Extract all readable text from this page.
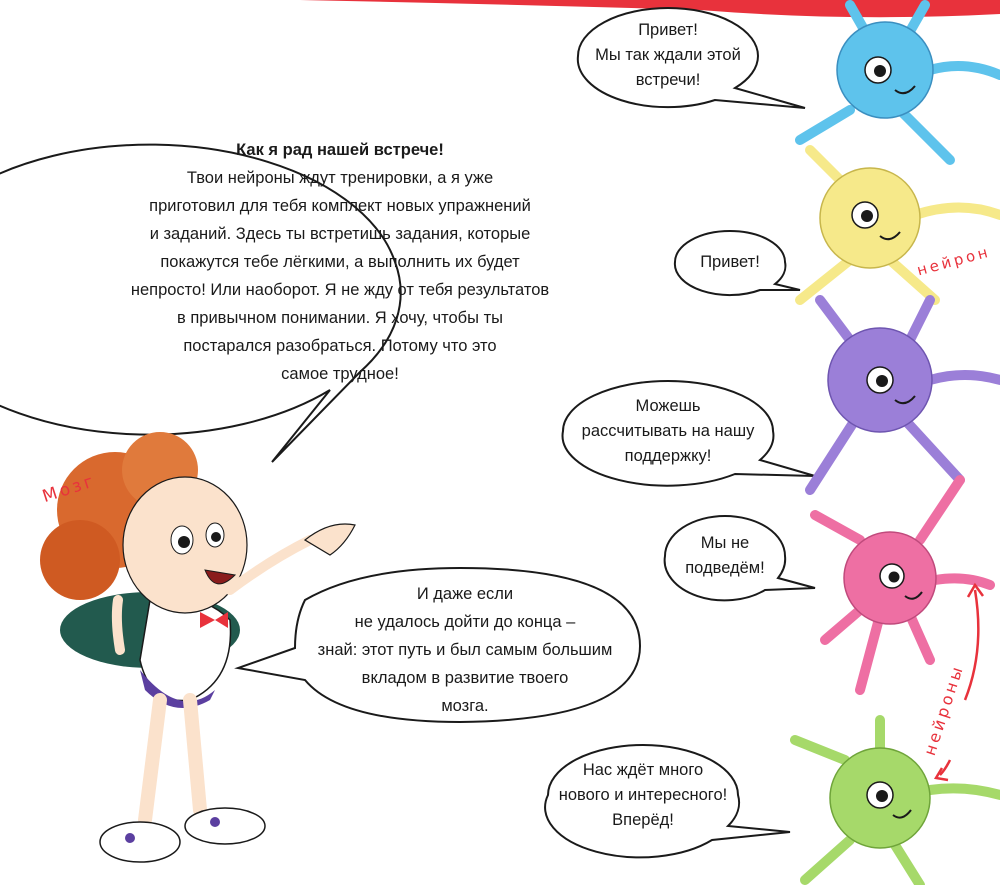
Как я рад нашей встрече!
Твои нейроны ждут тренировки, а я уже
приготовил для тебя комплект новых упражнений
и заданий. Здесь ты встретишь задания, которые
покажутся тебе лёгкими, а выполнить их будет
непросто! Или наоборот. Я не жду от тебя результатов
в привычном понимании. Я хочу, чтобы ты
постарался разобраться. Потому что это
самое трудное!
И даже если
не удалось дойти до конца –
знай: этот путь и был самым большим
вкладом в развитие твоего
мозга.
Привет!
Мы так ждали этой
встречи!
Привет!
Можешь
рассчитывать на нашу
поддержку!
Мы не
подведём!
Нас ждёт много
нового и интересного!
Вперёд!
Мозг
нейрон
нейроны
